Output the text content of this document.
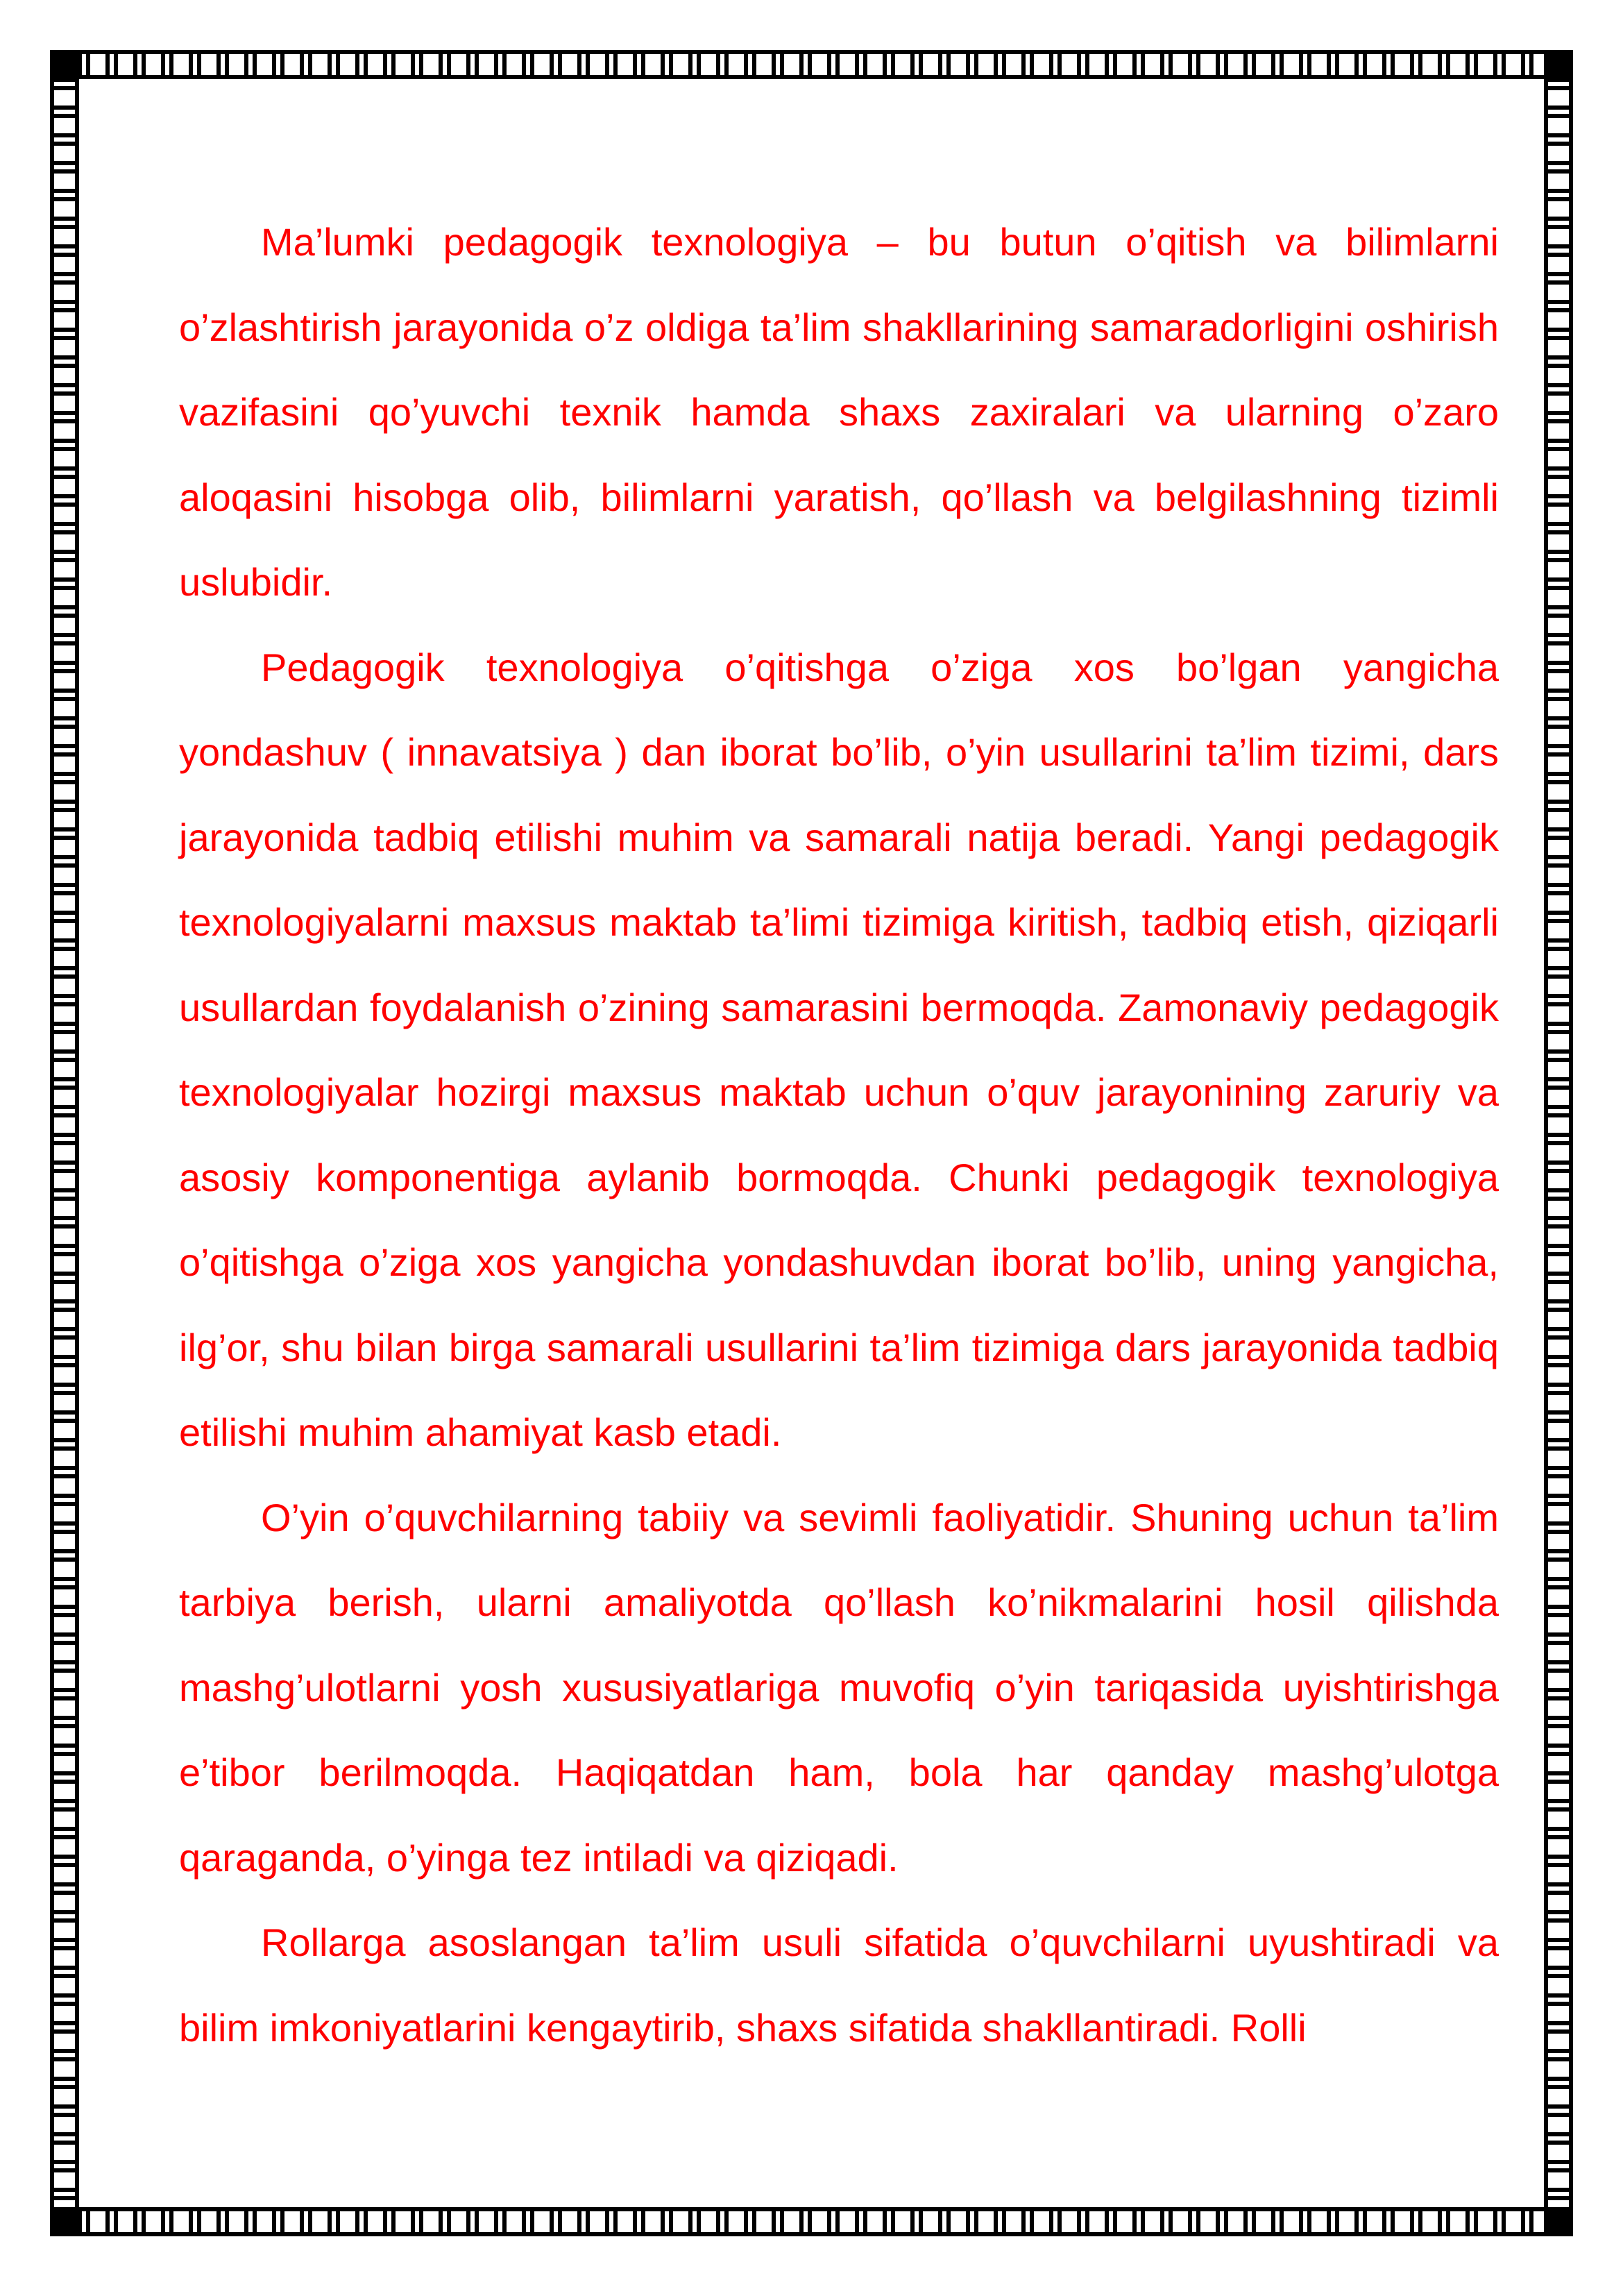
Ma’lumki pedagogik texnologiya – bu butun o’qitish va bilimlarni o’zlashtirish jarayonida o’z oldiga ta’lim shakllarining samaradorligini oshirish vazifasini qo’yuvchi texnik hamda shaxs zaxiralari va ularning o’zaro aloqasini hisobga olib, bilimlarni yaratish, qo’llash va belgilashning tizimli uslubidir.

Pedagogik texnologiya o’qitishga o’ziga xos bo’lgan yangicha yondashuv ( innavatsiya ) dan iborat bo’lib, o’yin usullarini ta’lim tizimi, dars jarayonida tadbiq etilishi muhim va samarali natija beradi. Yangi pedagogik texnologiyalarni maxsus maktab ta’limi tizimiga kiritish, tadbiq etish, qiziqarli usullardan foydalanish o’zining samarasini bermoqda. Zamonaviy pedagogik texnologiyalar hozirgi maxsus maktab uchun o’quv jarayonining zaruriy va asosiy komponentiga aylanib bormoqda. Chunki pedagogik texnologiya o’qitishga o’ziga xos yangicha yondashuvdan iborat bo’lib, uning yangicha, ilg’or, shu bilan birga samarali usullarini ta’lim tizimiga dars jarayonida tadbiq etilishi muhim ahamiyat kasb etadi.

O’yin o’quvchilarning tabiiy va sevimli faoliyatidir. Shuning uchun ta’lim tarbiya berish, ularni amaliyotda qo’llash ko’nikmalarini hosil qilishda mashg’ulotlarni yosh xususiyatlariga muvofiq o’yin tariqasida uyishtirishga e’tibor berilmoqda. Haqiqatdan ham, bola har qanday mashg’ulotga qaraganda, o’yinga tez intiladi va qiziqadi.

Rollarga asoslangan ta’lim usuli sifatida o’quvchilarni uyushtiradi va bilim imkoniyatlarini kengaytirib, shaxs sifatida shakllantiradi. Rolli
